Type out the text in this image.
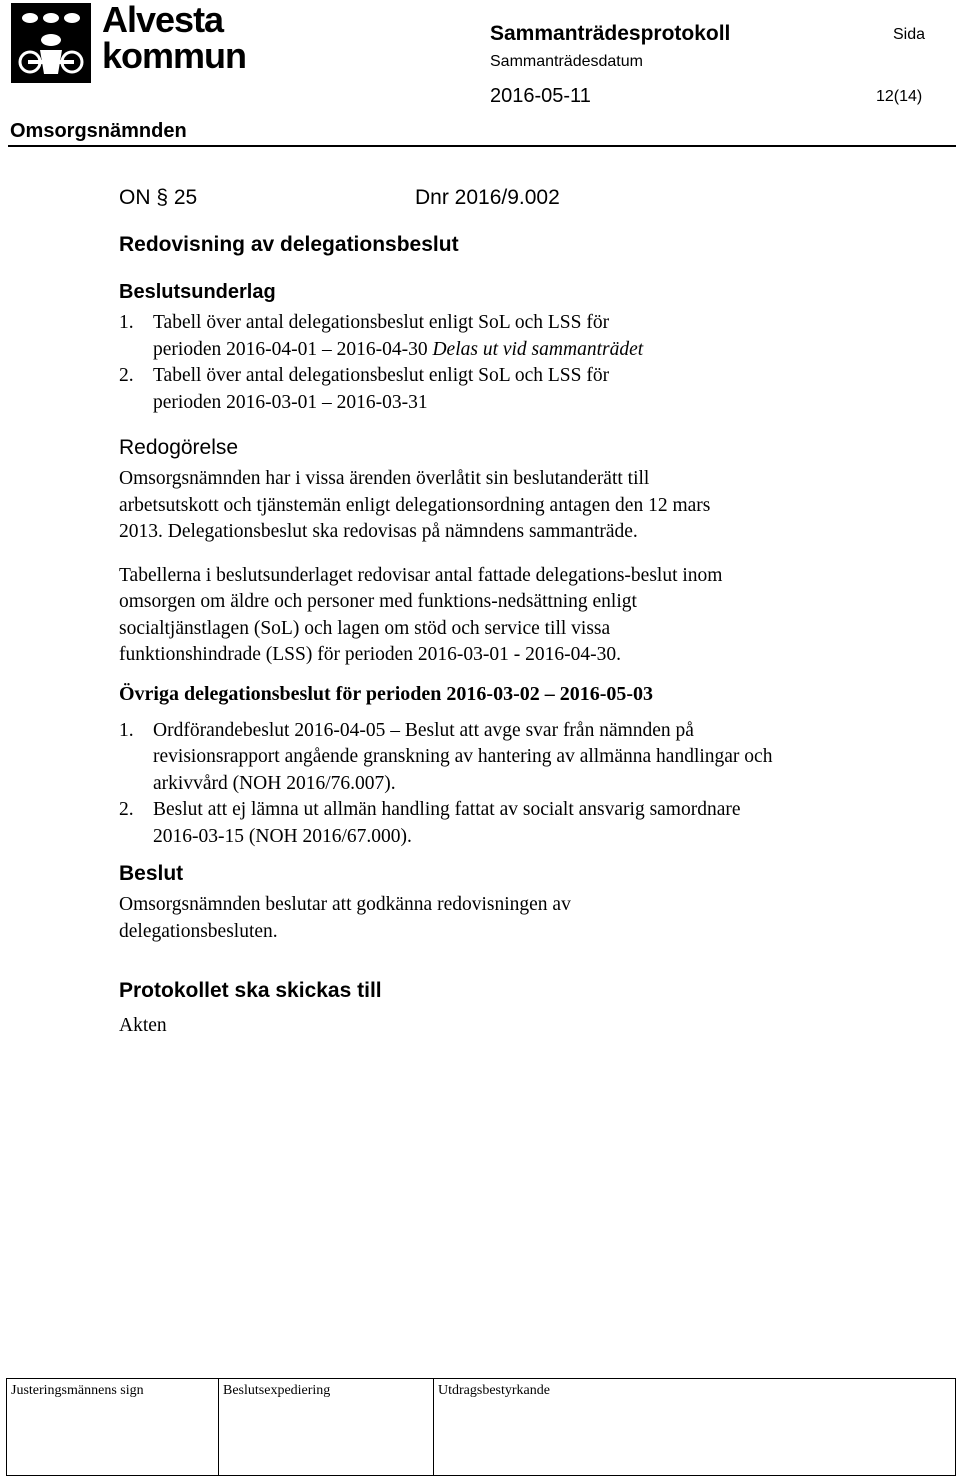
Alvesta
kommun
Sammanträdesprotokoll
Sammanträdesdatum
Sida
2016-05-11	12(14)
Omsorgsnämnden
ON § 25	Dnr 2016/9.002

Redovisning av delegationsbeslut

Beslutsunderlag

1. Tabell över antal delegationsbeslut enligt SoL och LSS för
perioden 2016-04-01 – 2016-04-30 Delas ut vid sammanträdet
2. Tabell över antal delegationsbeslut enligt SoL och LSS för
perioden 2016-03-01 – 2016-03-31

Redogörelse

Omsorgsnämnden har i vissa ärenden överlåtit sin beslutanderätt till arbetsutskott och tjänstemän enligt delegationsordning antagen den 12 mars 2013. Delegationsbeslut ska redovisas på nämndens sammanträde.

Tabellerna i beslutsunderlaget redovisar antal fattade delegations-beslut inom omsorgen om äldre och personer med funktions-nedsättning enligt socialtjänstlagen (SoL) och lagen om stöd och service till vissa funktionshindrade (LSS) för perioden 2016-03-01 - 2016-04-30.

Övriga delegationsbeslut för perioden 2016-03-02 – 2016-05-03

1. Ordförandebeslut 2016-04-05 – Beslut att avge svar från nämnden på revisionsrapport angående granskning av hantering av allmänna handlingar och arkivvård (NOH 2016/76.007).
2. Beslut att ej lämna ut allmän handling fattat av socialt ansvarig samordnare 2016-03-15 (NOH 2016/67.000).

Beslut

Omsorgsnämnden beslutar att godkänna redovisningen av delegationsbesluten.

Protokollet ska skickas till

Akten

Justeringsmännens sign	Beslutsexpediering	Utdragsbestyrkande
